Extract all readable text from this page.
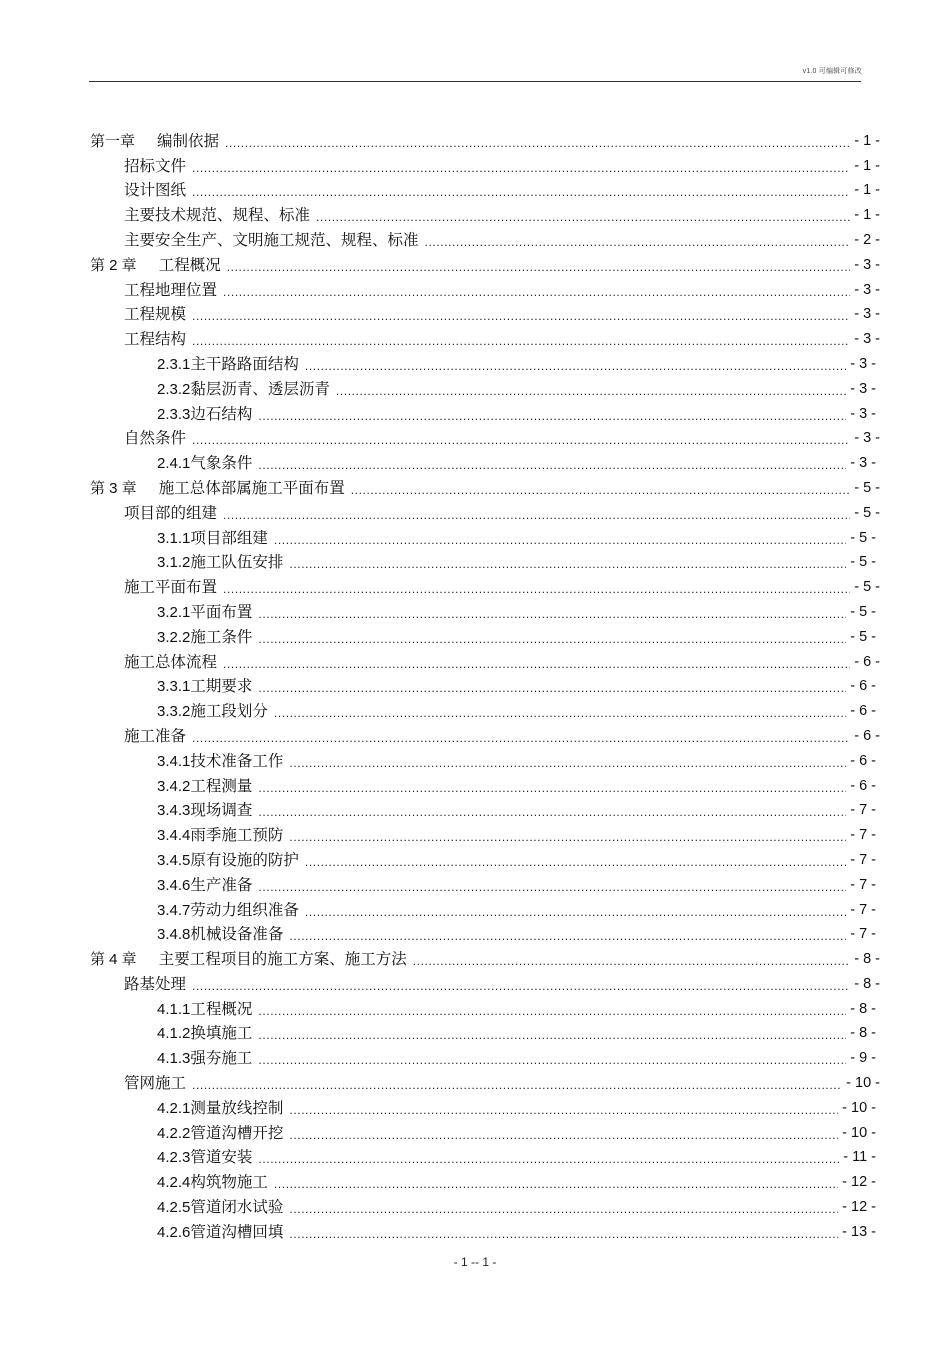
v1.0 可编辑可修改
第一章 编制依据 .....	- 1 -
招标文件 .....	- 1 -
设计图纸 .....	- 1 -
主要技术规范、规程、标准 .....	- 1 -
主要安全生产、文明施工规范、规程、标准 .....	- 2 -
第 2 章 工程概况 .....	- 3 -
工程地理位置 .....	- 3 -
工程规模 .....	- 3 -
工程结构 .....	- 3 -
2.3.1 主干路路面结构 .....	- 3 -
2.3.2 黏层沥青、透层沥青 .....	- 3 -
2.3.3 边石结构 .....	- 3 -
自然条件 .....	- 3 -
2.4.1 气象条件 .....	- 3 -
第 3 章 施工总体部属施工平面布置 .....	- 5 -
项目部的组建 .....	- 5 -
3.1.1 项目部组建 .....	- 5 -
3.1.2 施工队伍安排 .....	- 5 -
施工平面布置 .....	- 5 -
3.2.1 平面布置 .....	- 5 -
3.2.2 施工条件 .....	- 5 -
施工总体流程 .....	- 6 -
3.3.1 工期要求 .....	- 6 -
3.3.2 施工段划分 .....	- 6 -
施工准备 .....	- 6 -
3.4.1 技术准备工作 .....	- 6 -
3.4.2 工程测量 .....	- 6 -
3.4.3 现场调查 .....	- 7 -
3.4.4 雨季施工预防 .....	- 7 -
3.4.5 原有设施的防护 .....	- 7 -
3.4.6 生产准备 .....	- 7 -
3.4.7 劳动力组织准备 .....	- 7 -
3.4.8 机械设备准备 .....	- 7 -
第 4 章 主要工程项目的施工方案、施工方法 .....	- 8 -
路基处理 .....	- 8 -
4.1.1 工程概况 .....	- 8 -
4.1.2 换填施工 .....	- 8 -
4.1.3 强夯施工 .....	- 9 -
管网施工 .....	- 10 -
4.2.1 测量放线控制 .....	- 10 -
4.2.2 管道沟槽开挖 .....	- 10 -
4.2.3 管道安装 .....	- 11 -
4.2.4 构筑物施工 .....	- 12 -
4.2.5 管道闭水试验 .....	- 12 -
4.2.6 管道沟槽回填 .....	- 13 -
- 1 -- 1 -
